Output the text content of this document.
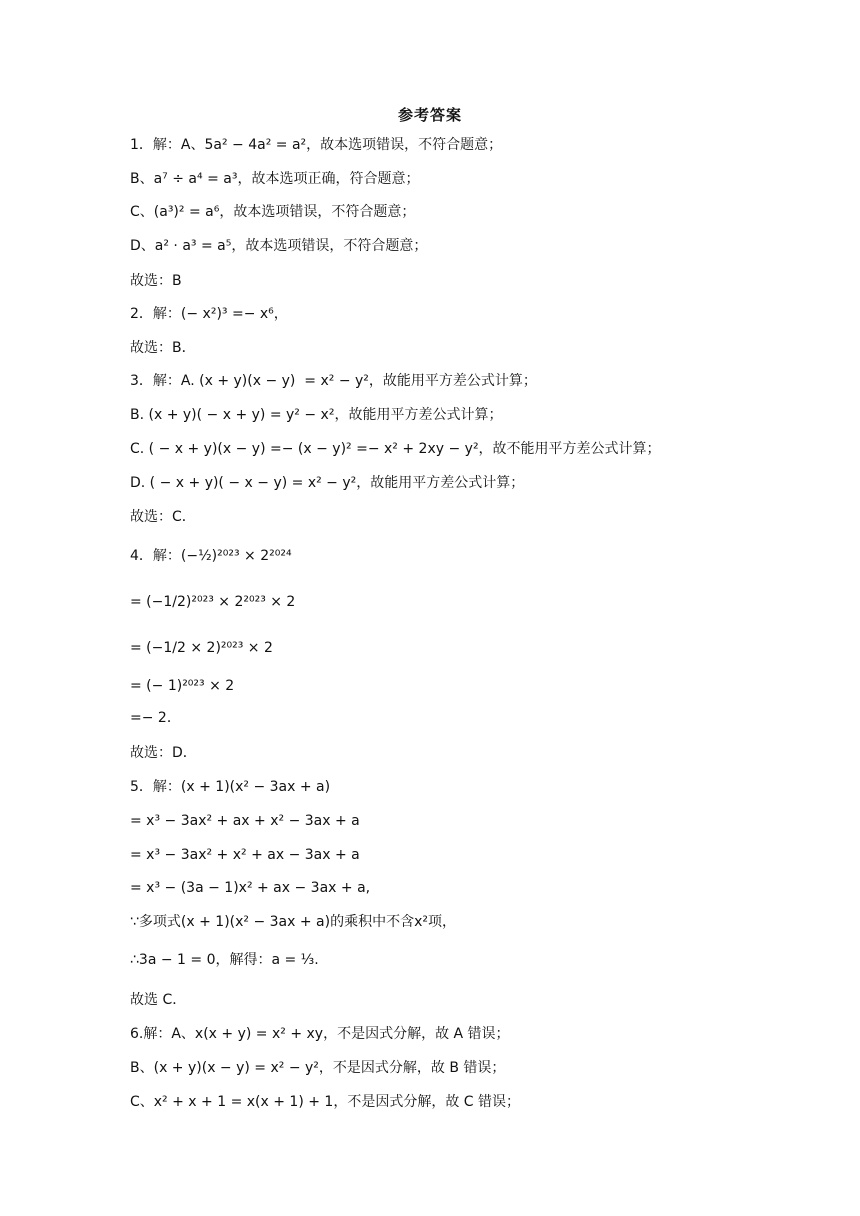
参考答案
1．解：A、5a² − 4a² = a²，故本选项错误，不符合题意；
B、a⁷ ÷ a⁴ = a³，故本选项正确，符合题意；
C、(a³)² = a⁶，故本选项错误，不符合题意；
D、a² · a³ = a⁵，故本选项错误，不符合题意；
故选：B
2．解：(− x²)³ =− x⁶，
故选：B．
3．解：A. (x + y)(x − y)  = x² − y²，故能用平方差公式计算；
B. (x + y)( − x + y) = y² − x²，故能用平方差公式计算；
C. ( − x + y)(x − y) =− (x − y)² =− x² + 2xy − y²，故不能用平方差公式计算；
D. ( − x + y)( − x − y) = x² − y²，故能用平方差公式计算；
故选：C．
4．解：(−½)²⁰²³ × 2²⁰²⁴
= (−1/2)²⁰²³ × 2²⁰²³ × 2
= (−1/2 × 2)²⁰²³ × 2
= (− 1)²⁰²³ × 2
=− 2．
故选：D．
5．解：(x + 1)(x² − 3ax + a)
= x³ − 3ax² + ax + x² − 3ax + a
= x³ − 3ax² + x² + ax − 3ax + a
= x³ − (3a − 1)x² + ax − 3ax + a,
∵多项式(x + 1)(x² − 3ax + a)的乘积中不含x²项，
∴3a − 1 = 0，解得：a = ⅓.
故选 C．
6.解：A、x(x + y) = x² + xy，不是因式分解，故 A 错误；
B、(x + y)(x − y) = x² − y²，不是因式分解，故 B 错误；
C、x² + x + 1 = x(x + 1) + 1，不是因式分解，故 C 错误；
